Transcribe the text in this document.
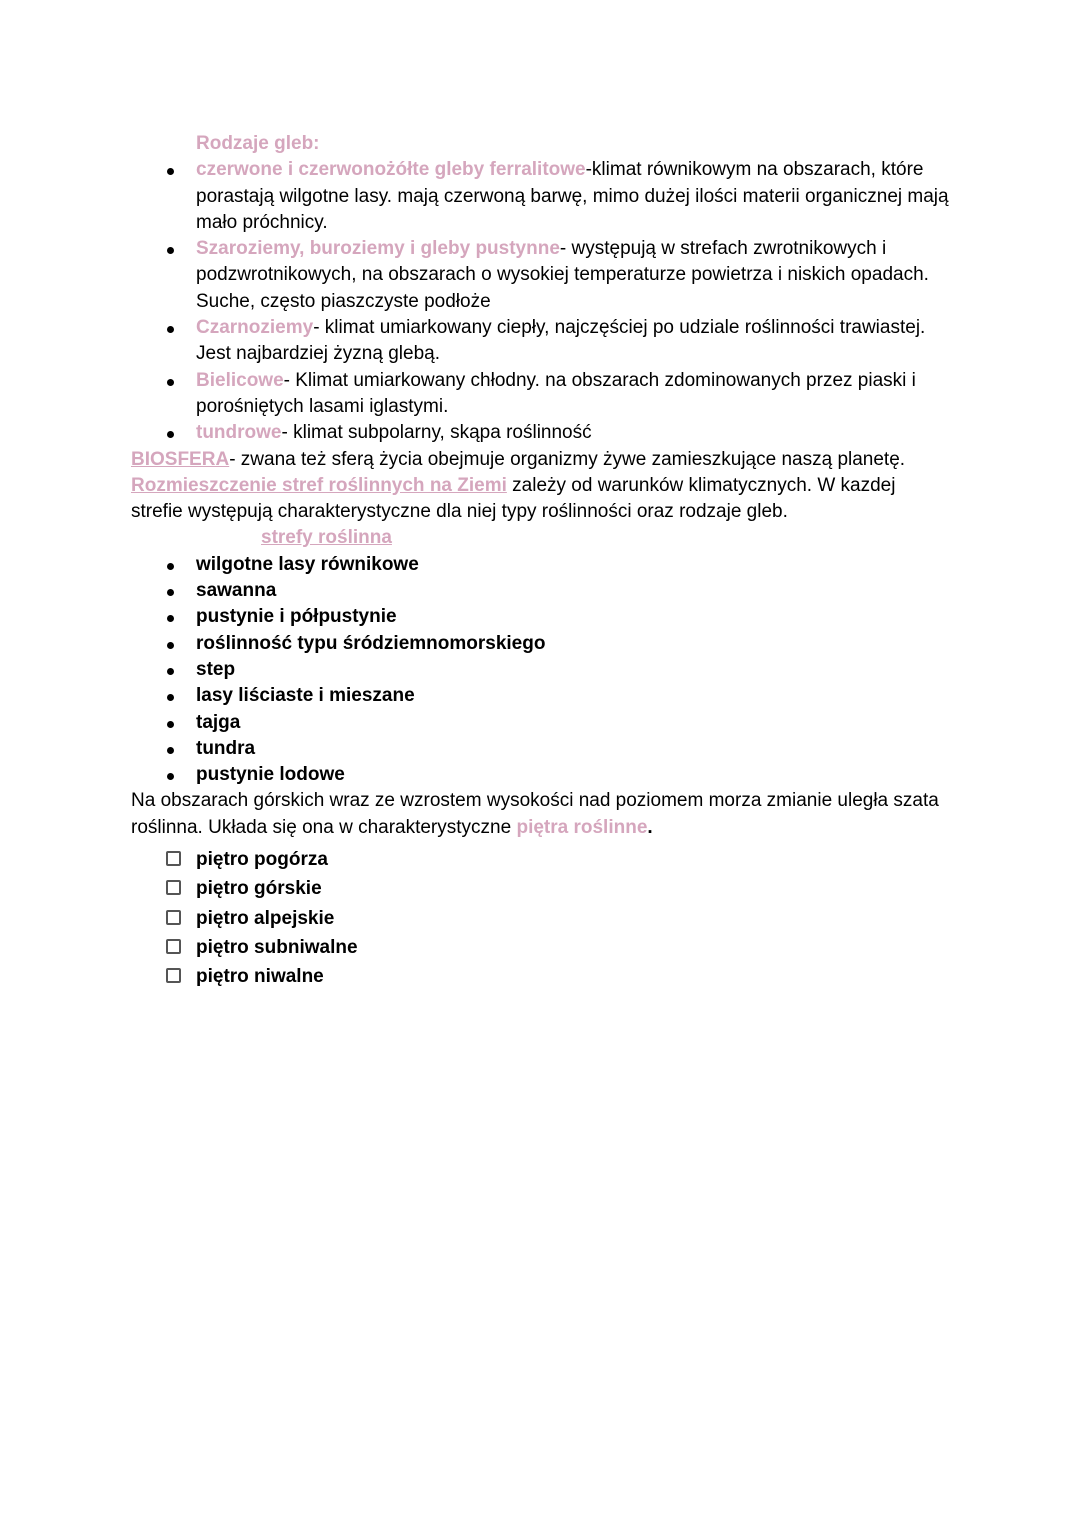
Rodzaje gleb:
czerwone i czerwonożółte gleby ferralitowe-klimat równikowym na obszarach, które porastają wilgotne lasy. mają czerwoną barwę, mimo dużej ilości materii organicznej mają mało próchnicy.
Szaroziemy, buroziemy i gleby pustynne- występują w strefach zwrotnikowych i podzwrotnikowych, na obszarach o wysokiej temperaturze powietrza i niskich opadach. Suche, często piaszczyste podłoże
Czarnoziemy- klimat umiarkowany ciepły, najczęściej po udziale roślinności trawiastej. Jest najbardziej żyzną glebą.
Bielicowe- Klimat umiarkowany chłodny. na obszarach zdominowanych przez piaski i porośniętych lasami iglastymi.
tundrowe- klimat subpolarny, skąpa roślinność

BIOSFERA- zwana też sferą życia obejmuje organizmy żywe zamieszkujące naszą planetę.

Rozmieszczenie stref roślinnych na Ziemi zależy od warunków klimatycznych. W kazdej strefie występują charakterystyczne dla niej typy roślinności oraz rodzaje gleb.

strefy roślinna
wilgotne lasy równikowe
sawanna
pustynie i półpustynie
roślinność typu śródziemnomorskiego
step
lasy liściaste i mieszane
tajga
tundra
pustynie lodowe

Na obszarach górskich wraz ze wzrostem wysokości nad poziomem morza zmianie uległa szata roślinna. Układa się ona w charakterystyczne piętra roślinne.

piętro pogórza
piętro górskie
piętro alpejskie
piętro subniwalne
piętro niwalne
